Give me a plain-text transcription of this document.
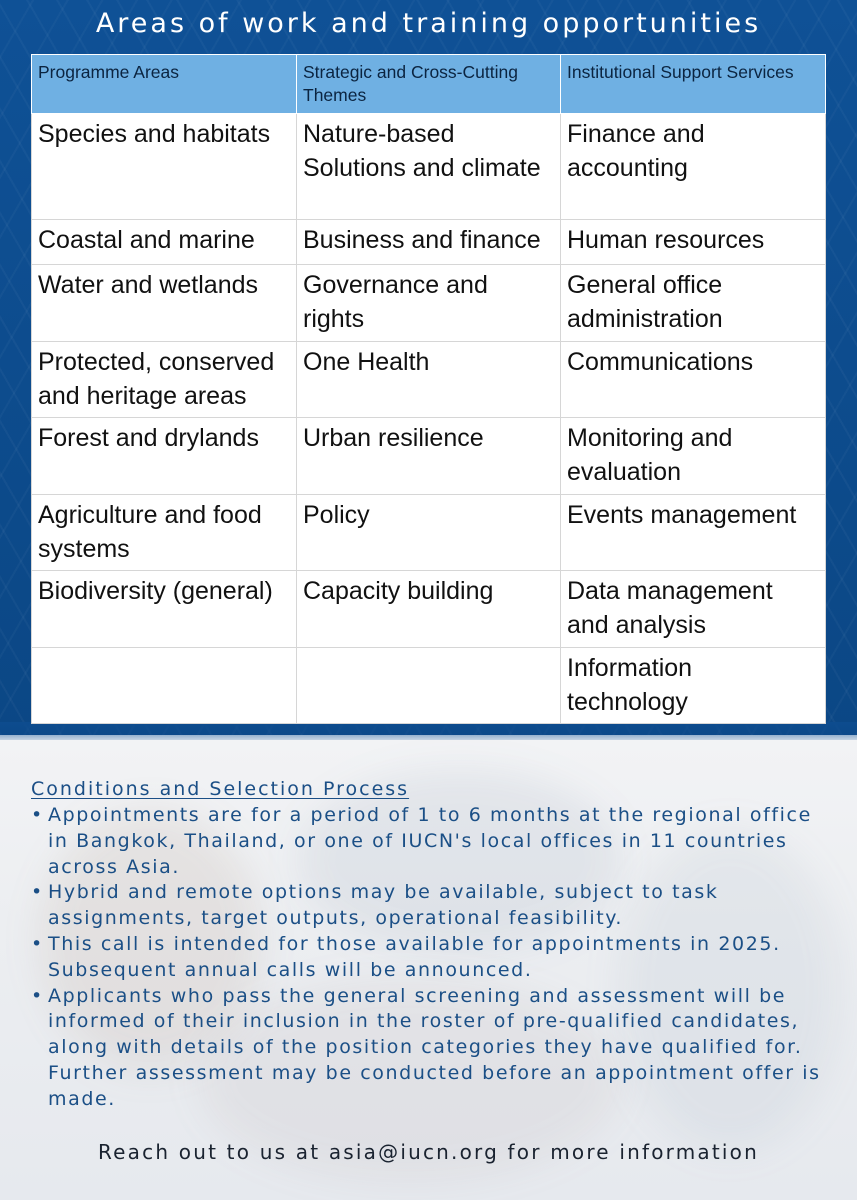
Areas of work and training opportunities
Programme Areas	Strategic and Cross-Cutting Themes	Institutional Support Services
Species and habitats	Nature-based Solutions and climate	Finance and accounting
Coastal and marine	Business and finance	Human resources
Water and wetlands	Governance and rights	General office administration
Protected, conserved and heritage areas	One Health	Communications
Forest and drylands	Urban resilience	Monitoring and evaluation
Agriculture and food systems	Policy	Events management
Biodiversity (general)	Capacity building	Data management and analysis
		Information technology
Conditions and Selection Process
• Appointments are for a period of 1 to 6 months at the regional office in Bangkok, Thailand, or one of IUCN's local offices in 11 countries across Asia.
• Hybrid and remote options may be available, subject to task assignments, target outputs, operational feasibility.
• This call is intended for those available for appointments in 2025. Subsequent annual calls will be announced.
• Applicants who pass the general screening and assessment will be informed of their inclusion in the roster of pre-qualified candidates, along with details of the position categories they have qualified for. Further assessment may be conducted before an appointment offer is made.
Reach out to us at asia@iucn.org for more information
